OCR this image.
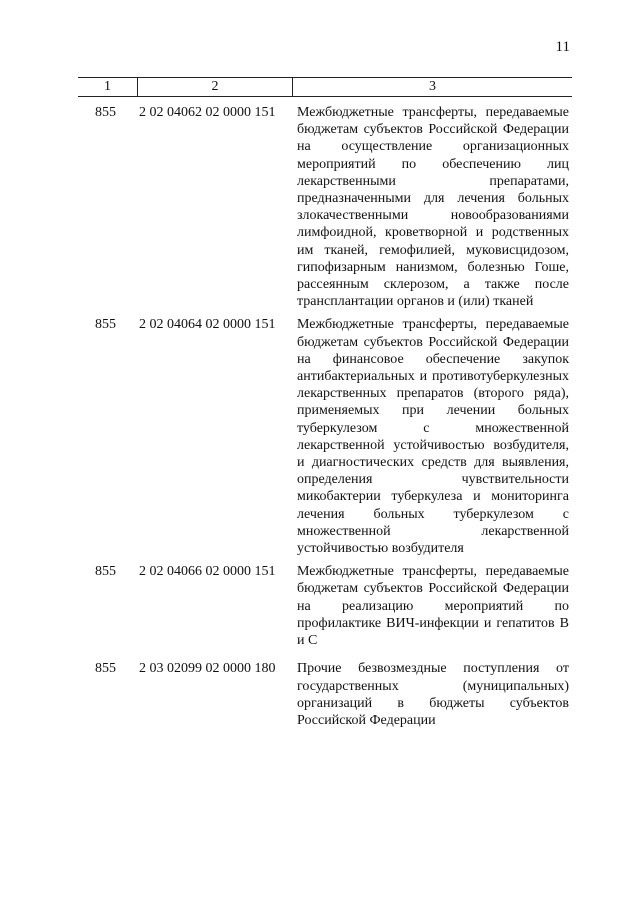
11
1	2	3
855 2 02 04062 02 0000 151 Межбюджетные трансферты, передаваемые бюджетам субъектов Российской Федерации на осуществление организационных мероприятий по обеспечению лиц лекарственными препаратами, предназначенными для лечения больных злокачественными новообразованиями лимфоидной, кроветворной и родственных им тканей, гемофилией, муковисцидозом, гипофизарным нанизмом, болезнью Гоше, рассеянным склерозом, а также после трансплантации органов и (или) тканей
855 2 02 04064 02 0000 151 Межбюджетные трансферты, передаваемые бюджетам субъектов Российской Федерации на финансовое обеспечение закупок антибактериальных и противотуберкулезных лекарственных препаратов (второго ряда), применяемых при лечении больных туберкулезом с множественной лекарственной устойчивостью возбудителя, и диагностических средств для выявления, определения чувствительности микобактерии туберкулеза и мониторинга лечения больных туберкулезом с множественной лекарственной устойчивостью возбудителя
855 2 02 04066 02 0000 151 Межбюджетные трансферты, передаваемые бюджетам субъектов Российской Федерации на реализацию мероприятий по профилактике ВИЧ-инфекции и гепатитов В и С
855 2 03 02099 02 0000 180 Прочие безвозмездные поступления от государственных (муниципальных) организаций в бюджеты субъектов Российской Федерации
